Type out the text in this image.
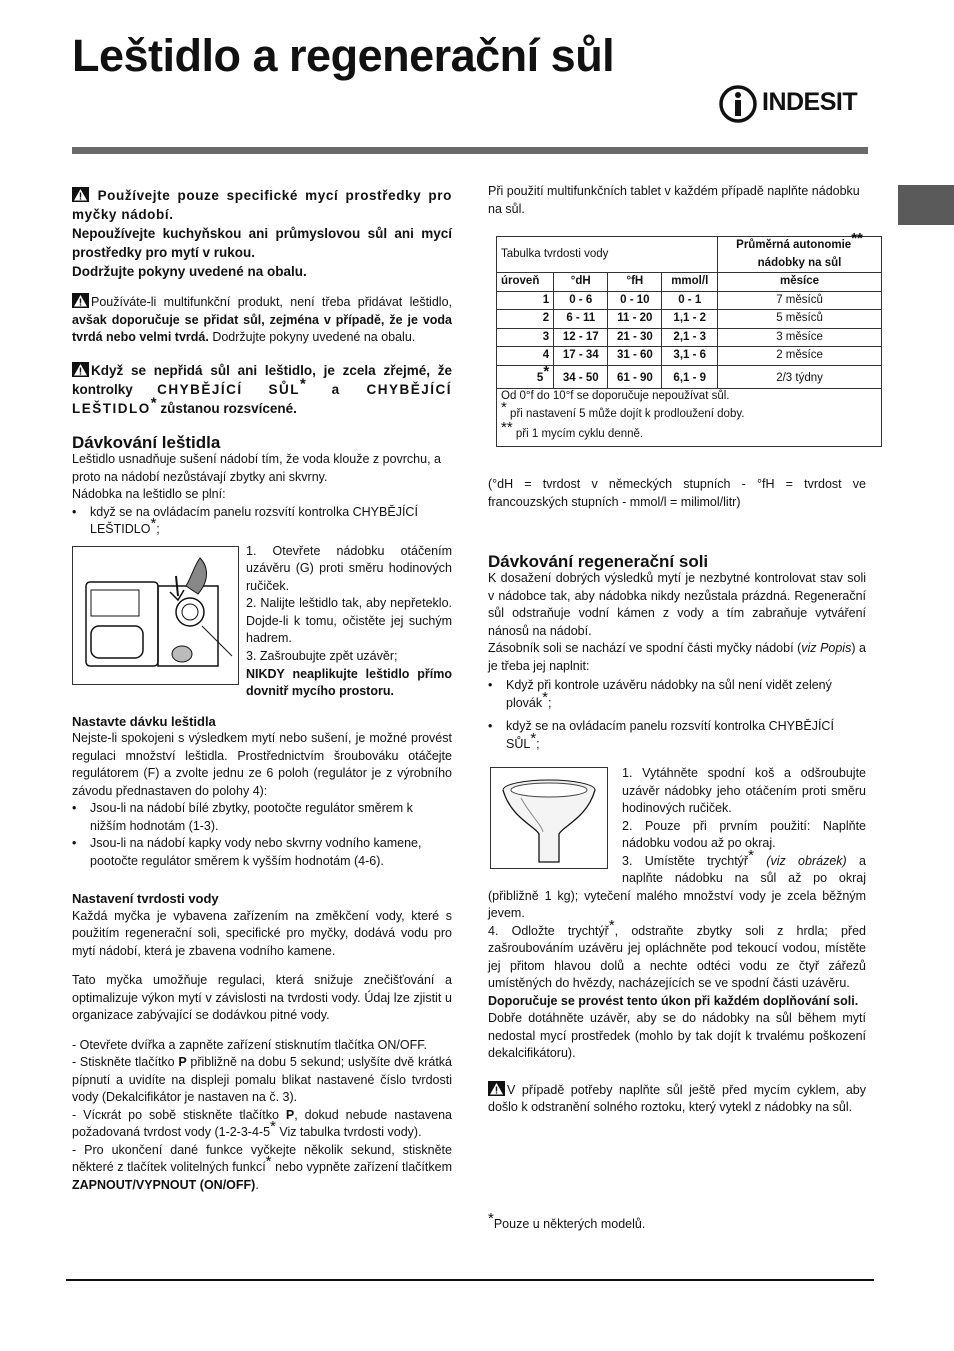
Leštidlo a regenerační sůl
INDESIT
Používejte pouze specifické mycí prostředky pro myčky nádobí.
Nepoužívejte kuchyňskou ani průmyslovou sůl ani mycí prostředky pro mytí v rukou.
Dodržujte pokyny uvedené na obalu.
Používáte-li multifunkční produkt, není třeba přidávat leštidlo, avšak doporučuje se přidat sůl, zejména v případě, že je voda tvrdá nebo velmi tvrdá. Dodržujte pokyny uvedené na obalu.
Když se nepřidá sůl ani leštidlo, je zcela zřejmé, že kontrolky CHYBĚJÍCÍ SŮL* a CHYBĚJÍCÍ LEŠTIDLO* zůstanou rozsvícené.
Dávkování leštidla

Leštidlo usnadňuje sušení nádobí tím, že voda klouže z povrchu, a proto na nádobí nezůstávají zbytky ani skvrny.

Nádobka na leštidlo se plní:

• když se na ovládacím panelu rozsvítí kontrolka CHYBĚJÍCÍ LEŠTIDLO*;

1. Otevřete nádobku otáčením uzávěru (G) proti směru hodinových ručiček.

2. Nalijte leštidlo tak, aby nepřeteklo. Dojde-li k tomu, očistěte jej suchým hadrem.

3. Zašroubujte zpět uzávěr;

NIKDY neaplikujte leštidlo přímo dovnitř mycího prostoru.

Nastavte dávku leštidla

Nejste-li spokojeni s výsledkem mytí nebo sušení, je možné provést regulaci množství leštidla. Prostřednictvím šroubováku otáčejte regulátorem (F) a zvolte jednu ze 6 poloh (regulátor je z výrobního závodu přednastaven do polohy 4):

• Jsou-li na nádobí bílé zbytky, pootočte regulátor směrem k nižším hodnotám (1-3).
• Jsou-li na nádobí kapky vody nebo skvrny vodního kamene, pootočte regulátor směrem k vyšším hodnotám (4-6).
Nastavení tvrdosti vody

Každá myčka je vybavena zařízením na změkčení vody, které s použitím regenerační soli, specifické pro myčky, dodává vodu pro mytí nádobí, která je zbavena vodního kamene.

Tato myčka umožňuje regulaci, která snižuje znečišťování a optimalizuje výkon mytí v závislosti na tvrdosti vody. Údaj lze zjistit u organizace zabývající se dodávkou pitné vody.

- Otevřete dvířka a zapněte zařízení stisknutím tlačítka ON/OFF.

- Stiskněte tlačítko P přibližně na dobu 5 sekund; uslyšíte dvě krátká pípnutí a uvidíte na displeji pomalu blikat nastavené číslo tvrdosti vody (Dekalcifikátor je nastaven na č. 3).

- Vícкrát po sobě stiskněte tlačítko P, dokud nebude nastavena požadovaná tvrdost vody (1-2-3-4-5* Viz tabulka tvrdosti vody).

- Pro ukončení dané funkce vyčkejte několik sekund, stiskněte některé z tlačítek volitelných funkcí* nebo vypněte zařízení tlačítkem ZAPNOUT/VYPNOUT (ON/OFF).

Při použití multifunkčních tablet v každém případě naplňte nádobku na sůl.

Tabulka tvrdosti vody				Průměrná autonomie**
nádobky na sůl
úroveň	°dH	°fH	mmol/l	měsíce
1	0 - 6	0 - 10	0 - 1	7 měsíců
2	6 - 11	11 - 20	1,1 - 2	5 měsíců
3	12 - 17	21 - 30	2,1 - 3	3 měsíce
4	17 - 34	31 - 60	3,1 - 6	2 měsíce
5*	34 - 50	61 - 90	6,1 - 9	2/3 týdny

Od 0°f do 10°f se doporučuje nepoužívat sůl.
* při nastavení 5 může dojít k prodloužení doby.
** při 1 mycím cyklu denně.				

(°dH = tvrdost v německých stupních - °fH = tvrdost ve francouzských stupních - mmol/l = milimol/litr)

Dávkování regenerační soli

K dosažení dobrých výsledků mytí je nezbytné kontrolovat stav soli v nádobce tak, aby nádobka nikdy nezůstala prázdná. Regenerační sůl odstraňuje vodní kámen z vody a tím zabraňuje vytváření nánosů na nádobí.

Zásobník soli se nachází ve spodní části myčky nádobí (viz Popis) a je třeba jej naplnit:

• Když při kontrole uzávěru nádobky na sůl není vidět zelený plovák*;
• když se na ovládacím panelu rozsvítí kontrolka CHYBĚJÍCÍ SŮL*;

1. Vytáhněte spodní koš a odšroubujte uzávěr nádobky jeho otáčením proti směru hodinových ručiček.

2. Pouze při prvním použití: Naplňte nádobku vodou až po okraj.

3. Umístěte trychtýř* (viz obrázek) a naplňte nádobku na sůl až po okraj (přibližně 1 kg); vytečení malého množství vody je zcela běžným jevem.

4. Odložte trychtýř*, odstraňte zbytky soli z hrdla; před zašroubováním uzávěru jej opláchněte pod tekoucí vodou, místěte jej přitom hlavou dolů a nechte odtéci vodu ze čtyř zářezů umístěných do hvězdy, nacházejících se ve spodní části uzávěru.

Doporučuje se provést tento úkon při každém doplňování soli.

Dobře dotáhněte uzávěr, aby se do nádobky na sůl během mytí nedostal mycí prostředek (mohlo by tak dojít k trvalému poškození dekalcifikátoru).

V případě potřeby naplňte sůl ještě před mycím cyklem, aby došlo k odstranění solného roztoku, který vytekl z nádobky na sůl.

*Pouze u některých modelů.
